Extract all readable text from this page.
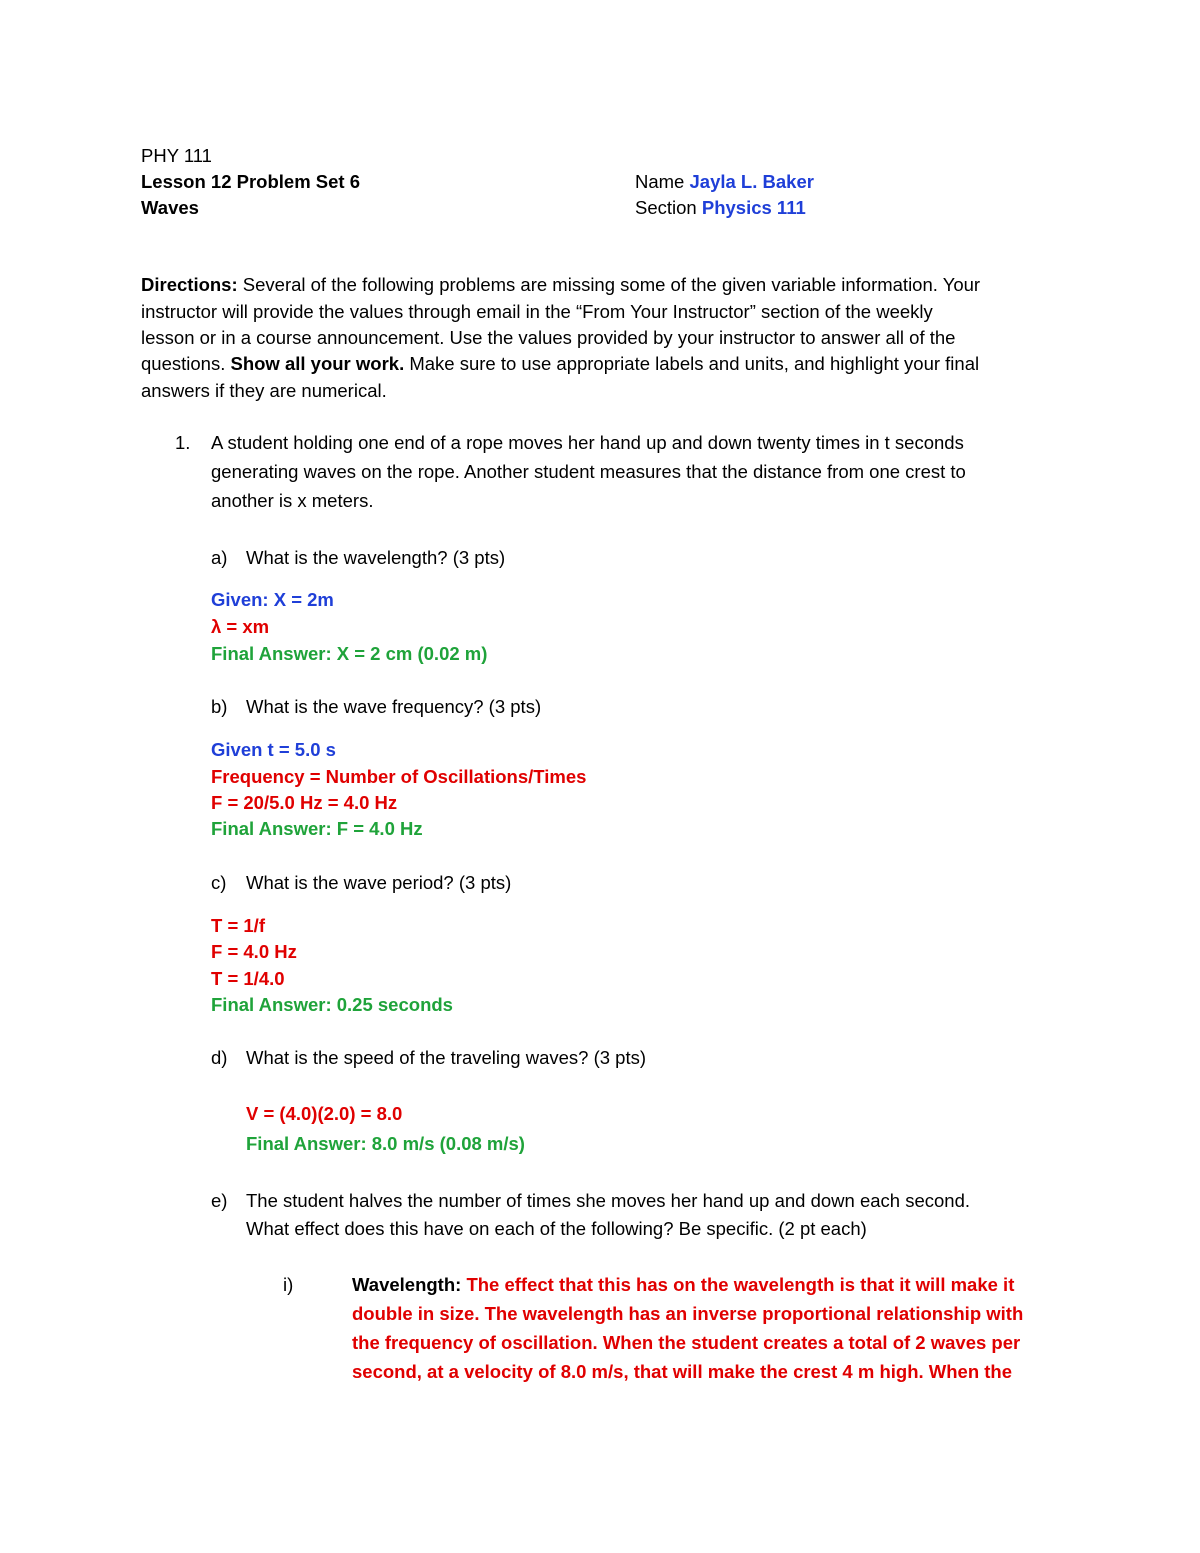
PHY 111
Lesson 12 Problem Set 6
Waves
Name Jayla L. Baker
Section Physics 111
Directions: Several of the following problems are missing some of the given variable information. Your
instructor will provide the values through email in the “From Your Instructor” section of the weekly
lesson or in a course announcement. Use the values provided by your instructor to answer all of the
questions. Show all your work. Make sure to use appropriate labels and units, and highlight your final
answers if they are numerical.
1. A student holding one end of a rope moves her hand up and down twenty times in t seconds
generating waves on the rope. Another student measures that the distance from one crest to
another is x meters.
a) What is the wavelength? (3 pts)
Given: X = 2m
λ = xm
Final Answer: X = 2 cm (0.02 m)
b) What is the wave frequency? (3 pts)
Given t = 5.0 s
Frequency = Number of Oscillations/Times
F = 20/5.0 Hz = 4.0 Hz
Final Answer: F = 4.0 Hz
c) What is the wave period? (3 pts)
T = 1/f
F = 4.0 Hz
T = 1/4.0
Final Answer: 0.25 seconds
d) What is the speed of the traveling waves? (3 pts)
V = (4.0)(2.0) = 8.0
Final Answer: 8.0 m/s (0.08 m/s)
e) The student halves the number of times she moves her hand up and down each second.
What effect does this have on each of the following? Be specific. (2 pt each)
i)	Wavelength: The effect that this has on the wavelength is that it will make it
double in size. The wavelength has an inverse proportional relationship with
the frequency of oscillation. When the student creates a total of 2 waves per
second, at a velocity of 8.0 m/s, that will make the crest 4 m high. When the
